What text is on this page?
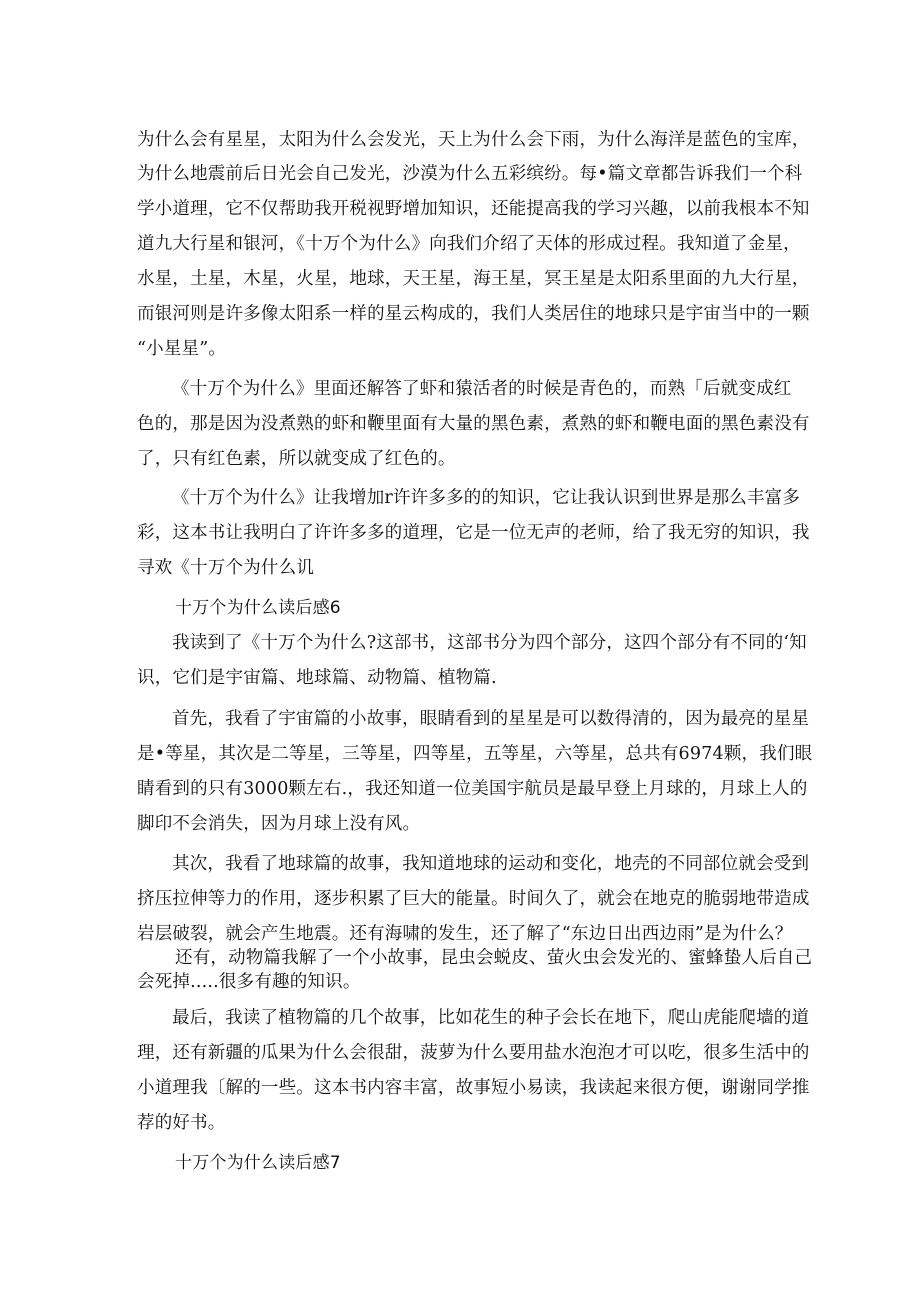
为什么会有星星，太阳为什么会发光，天上为什么会下雨，为什么海洋是蓝色的宝库，
为什么地震前后日光会自己发光，沙漠为什么五彩缤纷。每•篇文章都告诉我们一个科
学小道理，它不仅帮助我开税视野增加知识，还能提高我的学习兴趣，以前我根本不知
道九大行星和银河，《十万个为什么》向我们介绍了天体的形成过程。我知道了金星，
水星，土星，木星，火星，地球，天王星，海王星，冥王星是太阳系里面的九大行星，
而银河则是许多像太阳系一样的星云构成的，我们人类居住的地球只是宇宙当中的一颗
“小星星”。
《十万个为什么》里面还解答了虾和猿活者的时候是青色的，而熟「后就变成红
色的，那是因为没煮熟的虾和鞭里面有大量的黑色素，煮熟的虾和鞭电面的黑色素没有
了，只有红色素，所以就变成了红色的。
《十万个为什么》让我增加r许许多多的的知识，它让我认识到世界是那么丰富多
彩，这本书让我明白了许许多多的道理，它是一位无声的老师，给了我无穷的知识，我
寻欢《十万个为什么讥
十万个为什么读后感6
我读到了《十万个为什么?这部书，这部书分为四个部分，这四个部分有不同的‘知
识，它们是宇宙篇、地球篇、动物篇、植物篇.
首先，我看了宇宙篇的小故事，眼睛看到的星星是可以数得清的，因为最亮的星星
是•等星，其次是二等星，三等星，四等星，五等星，六等星，总共有6974颗，我们眼
睛看到的只有3000颗左右.，我还知道一位美国宇航员是最早登上月球的，月球上人的
脚印不会消失，因为月球上没有风。
其次，我看了地球篇的故事，我知道地球的运动和变化，地壳的不同部位就会受到
挤压拉伸等力的作用，逐步积累了巨大的能量。时间久了，就会在地克的脆弱地带造成
岩层破裂，就会产生地震。还有海啸的发生，还了解了“东边日出西边雨”是为什么？
还有，动物篇我解了一个小故事，昆虫会蜕皮、萤火虫会发光的、蜜蜂蛰人后自己
会死掉.....很多有趣的知识。
最后，我读了植物篇的几个故事，比如花生的种子会长在地下，爬山虎能爬墙的道
理，还有新疆的瓜果为什么会很甜，菠萝为什么要用盐水泡泡才可以吃，很多生活中的
小道理我〔解的一些。这本书内容丰富，故事短小易读，我读起来很方便，谢谢同学推
荐的好书。
十万个为什么读后感7
